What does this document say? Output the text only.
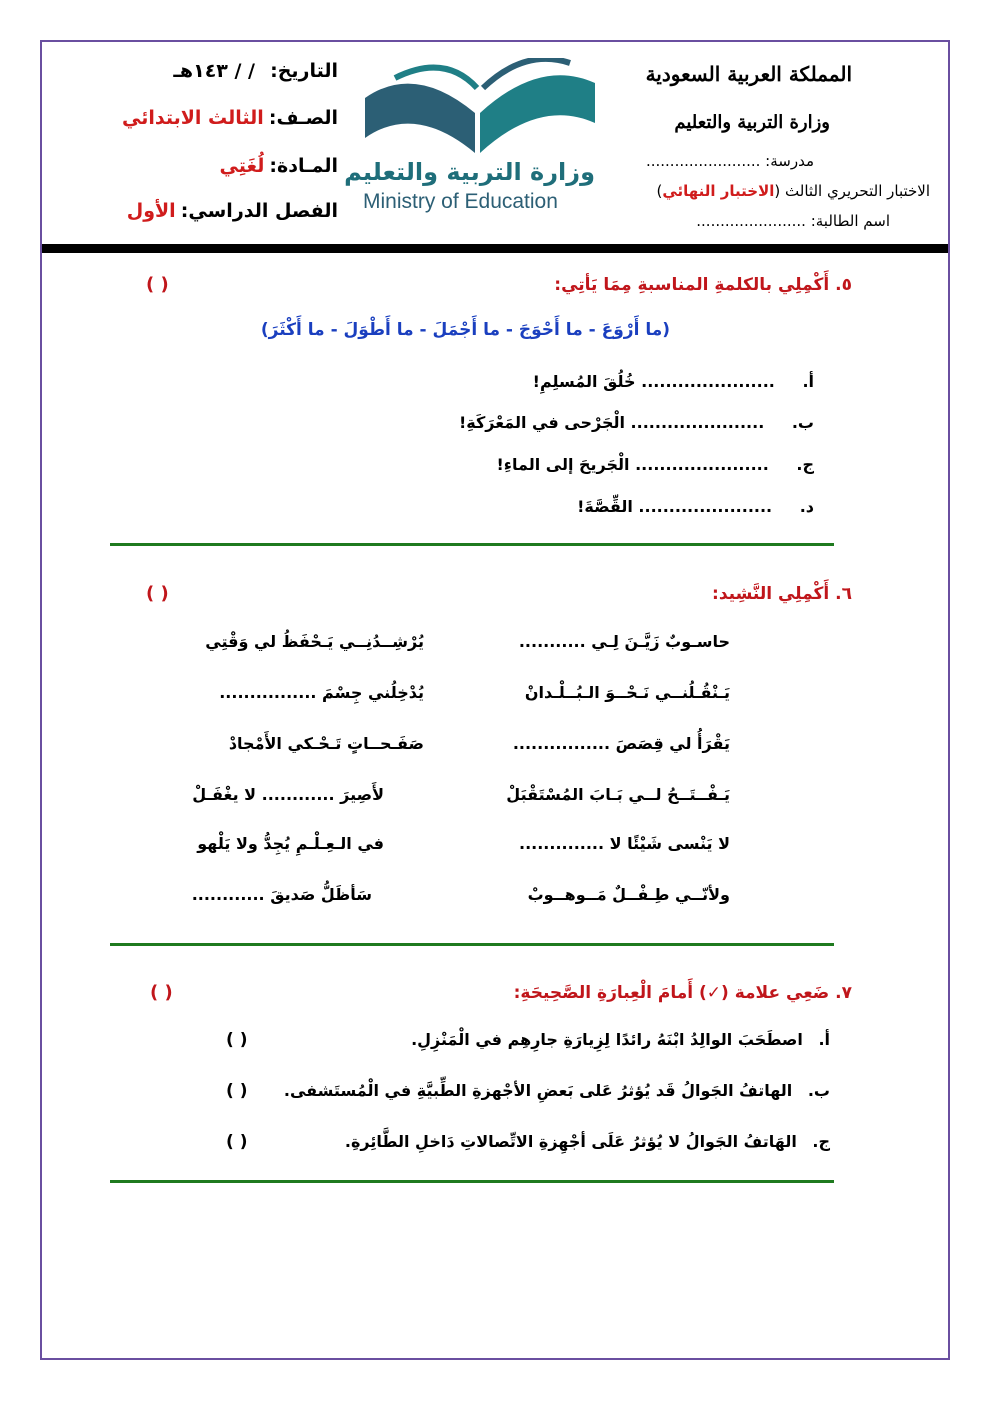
المملكة العربية السعودية
وزارة التربية والتعليم
مدرسة: ........................
الاختبار التحريري الثالث (الاختبار النهائي)
اسم الطالبة: .......................
وزارة التربية والتعليم
Ministry of Education
التاريخ: / / ١٤٣هـ
الصـف: الثالث الابتدائي
المـادة: لُغَتِي
الفصل الدراسي: الأول
٥. أَكْمِلِي بالكلمةِ المناسبةِ مِمَا يَأتِي:
( )
(ما أَرْوَعَ - ما أَحْوَجَ - ما أَجْمَلَ - ما أَطْوَلَ - ما أَكْثَرَ)
أ. ...................... خُلُقَ المُسلِمِ!
ب. ...................... الْجَرْحى في المَعْرَكَةِ!
ج. ...................... الْجَريحَ إلى الماءِ!
د. ...................... القِّصَّةَ!
٦. أَكْمِلِي النَّشِيد:
( )
حاسـوبٌ زَيَّـنَ لِـي ...........
يُرْشِــدُنِــي يَـحْفَظُ لي وَقْتِي
يَـنْقُـلُنــي نَـحْــوَ الـبُــلْـدانْ
يُدْخِلُني جِسْمَ ................
يَقْرَأُ لي قِصَصَ ................
صَفَـحــاتٍ تَـحْـكي الأَمْجادْ
يَـفْــتَــحُ لــي بَـابَ المُسْتَقْبَلْ
لأَصِيرَ ............ لا يغْفَـلْ
لا يَنْسى شَيْئًا لا ..............
في الـعِـلْـمِ يُجِدُّ ولا يَلْهو
ولأنّــي طِـفْــلٌ مَــوهــوبْ
سَأظَلُّ صَديقَ ............
٧. ضَعِي علامة (✓) أَمامَ الْعِبارَةِ الصَّحِيحَةِ:
( )
أ. اصطَحَبَ الوالِدُ ابْنَهُ رائدًا لِزِيارَةِ جارِهِم في الْمَنْزِلِ.
( )
ب. الهاتفُ الجَوالُ قَد يُؤثرُ عَلى بَعضِ الأجْهزةِ الطِّبيَّةِ في الْمُستَشفى.
( )
ج. الهَاتفُ الجَوالُ لا يُؤثرُ عَلَى أجْهِزةِ الاتِّصالاتِ دَاخلِ الطَّائِرةِ.
( )
